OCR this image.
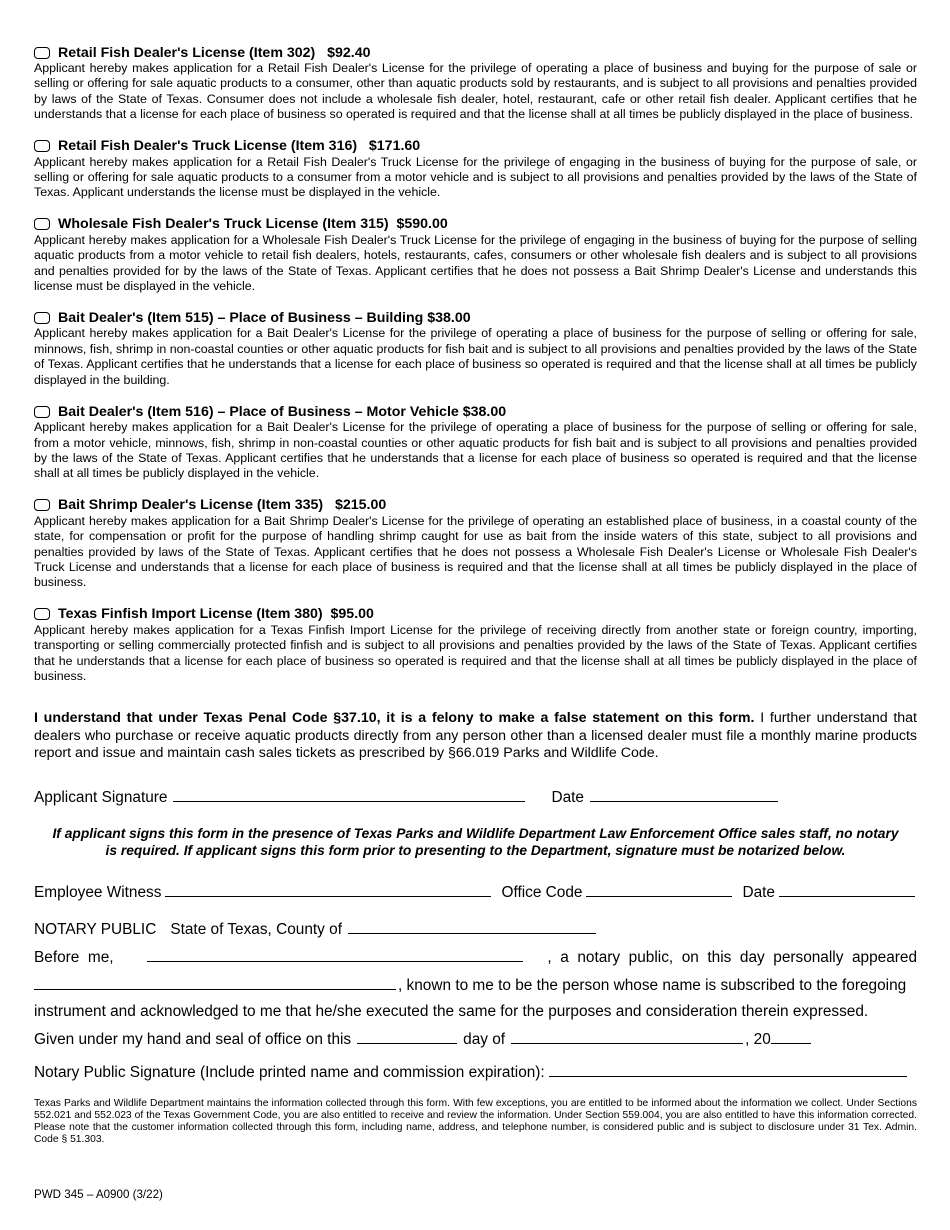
Retail Fish Dealer's License (Item 302)   $92.40

Applicant hereby makes application for a Retail Fish Dealer's License for the privilege of operating a place of business and buying for the purpose of sale or selling or offering for sale aquatic products to a consumer, other than aquatic products sold by restaurants, and is subject to all provisions and penalties provided by laws of the State of Texas. Consumer does not include a wholesale fish dealer, hotel, restaurant, cafe or other retail fish dealer. Applicant certifies that he understands that a license for each place of business so operated is required and that the license shall at all times be publicly displayed in the place of business.

Retail Fish Dealer's Truck License (Item 316)   $171.60

Applicant hereby makes application for a Retail Fish Dealer's Truck License for the privilege of engaging in the business of buying for the purpose of sale, or selling or offering for sale aquatic products to a consumer from a motor vehicle and is subject to all provisions and penalties provided by the laws of the State of Texas. Applicant understands the license must be displayed in the vehicle.

Wholesale Fish Dealer's Truck License (Item 315)  $590.00

Applicant hereby makes application for a Wholesale Fish Dealer's Truck License for the privilege of engaging in the business of buying for the purpose of selling aquatic products from a motor vehicle to retail fish dealers, hotels, restaurants, cafes, consumers or other wholesale fish dealers and is subject to all provisions and penalties provided for by the laws of the State of Texas. Applicant certifies that he does not possess a Bait Shrimp Dealer's License and understands this license must be displayed in the vehicle.

Bait Dealer's (Item 515) – Place of Business – Building $38.00

Applicant hereby makes application for a Bait Dealer's License for the privilege of operating a place of business for the purpose of selling or offering for sale, minnows, fish, shrimp in non-coastal counties or other aquatic products for fish bait and is subject to all provisions and penalties provided by the laws of the State of Texas. Applicant certifies that he understands that a license for each place of business so operated is required and that the license shall at all times be publicly displayed in the building.

Bait Dealer's (Item 516) – Place of Business – Motor Vehicle $38.00

Applicant hereby makes application for a Bait Dealer's License for the privilege of operating a place of business for the purpose of selling or offering for sale, from a motor vehicle, minnows, fish, shrimp in non-coastal counties or other aquatic products for fish bait and is subject to all provisions and penalties provided by the laws of the State of Texas. Applicant certifies that he understands that a license for each place of business so operated is required and that the license shall at all times be publicly displayed in the vehicle.

Bait Shrimp Dealer's License (Item 335)   $215.00

Applicant hereby makes application for a Bait Shrimp Dealer's License for the privilege of operating an established place of business, in a coastal county of the state, for compensation or profit for the purpose of handling shrimp caught for use as bait from the inside waters of this state, subject to all provisions and penalties provided by laws of the State of Texas. Applicant certifies that he does not possess a Wholesale Fish Dealer's License or Wholesale Fish Dealer's Truck License and understands that a license for each place of business is required and that the license shall at all times be publicly displayed in the place of business.

Texas Finfish Import License (Item 380)  $95.00

Applicant hereby makes application for a Texas Finfish Import License for the privilege of receiving directly from another state or foreign country, importing, transporting or selling commercially protected finfish and is subject to all provisions and penalties provided by the laws of the State of Texas. Applicant certifies that he understands that a license for each place of business so operated is required and that the license shall at all times be publicly displayed in the place of business.

I understand that under Texas Penal Code §37.10, it is a felony to make a false statement on this form. I further understand that dealers who purchase or receive aquatic products directly from any person other than a licensed dealer must file a monthly marine products report and issue and maintain cash sales tickets as prescribed by §66.019 Parks and Wildlife Code.
Applicant Signature	Date
If applicant signs this form in the presence of Texas Parks and Wildlife Department Law Enforcement Office sales staff, no notary is required. If applicant signs this form prior to presenting to the Department, signature must be notarized below.
Employee Witness	Office Code	Date
NOTARY PUBLIC State of Texas, County of
Before  me,	,  a  notary  public,  on  this  day  personally  appeared
, known to me to be the person whose name is subscribed to the foregoing
instrument and acknowledged to me that he/she executed the same for the purposes and consideration therein expressed.
Given under my hand and seal of office on this	day of	, 20
Notary Public Signature (Include printed name and commission expiration):
Texas Parks and Wildlife Department maintains the information collected through this form. With few exceptions, you are entitled to be informed about the information we collect. Under Sections 552.021 and 552.023 of the Texas Government Code, you are also entitled to receive and review the information. Under Section 559.004, you are also entitled to have this information corrected. Please note that the customer information collected through this form, including name, address, and telephone number, is considered public and is subject to disclosure under 31 Tex. Admin. Code § 51.303.
PWD 345 – A0900 (3/22)
